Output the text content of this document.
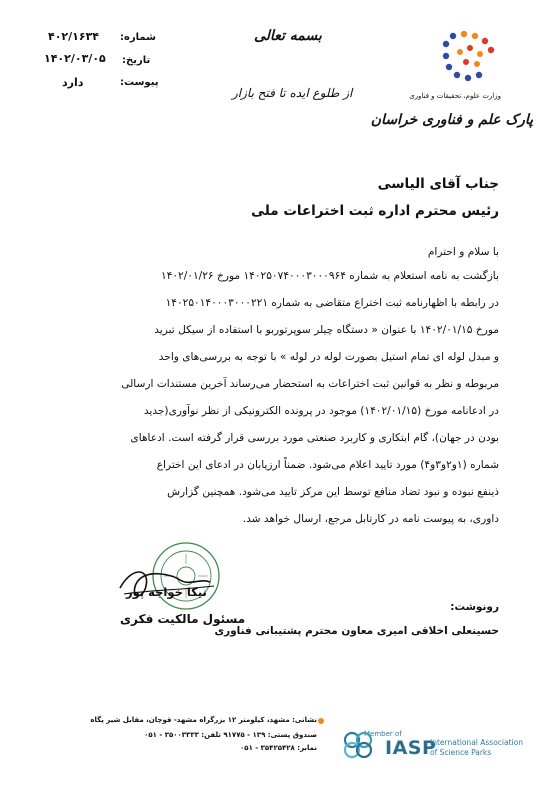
شماره:
۴۰۲/۱۶۳۴
تاریخ:
۱۴۰۲/۰۳/۰۵
پیوست:
دارد
بسمه تعالی
از طلوع ایده تا فتح بازار	وزارت علوم، تحقیقات و فناوری
پارک علم و فناوری خراسان
جناب آقای الیاسی
رئیس محترم اداره ثبت اختراعات ملی
با سلام و احترام
بازگشت به نامه استعلام به شماره ۱۴۰۲۵۰۷۴۰۰۰۳۰۰۰۹۶۴ مورخ ۱۴۰۲/۰۱/۲۶
در رابطه با اظهارنامه ثبت اختراع متقاضی به شماره ۱۴۰۲۵۰۱۴۰۰۰۳۰۰۰۲۲۱
مورخ ۱۴۰۲/۰۱/۱۵ با عنوان « دستگاه چیلر سوپرتوربو با استفاده از سیکل تبرید
و مبدل لوله ای تمام استیل بصورت لوله در لوله » با توجه به بررسی‌های واحد
مربوطه و نظر به قوانین ثبت اختراعات به استحضار می‌رساند آخرین مستندات ارسالی
در ادعانامه مورخ (۱۴۰۲/۰۱/۱۵) موجود در پرونده الکترونیکی از نظر نوآوری(جدید
بودن در جهان)، گام ابتکاری و کاربرد صنعتی مورد بررسی قرار گرفته است. ادعاهای
شماره (۱و۲و۳و۴) مورد تایید اعلام می‌شود. ضمناً ارزیابان در ادعای این اختراع
ذینفع نبوده و نبود تضاد منافع توسط این مرکز تایید می‌شود. همچنین گزارش
داوری، به پیوست نامه در کارتابل مرجع، ارسال خواهد شد.
نیکا خواجه پور
مسئول مالکیت فکری
رونوشت:
حسینعلی اخلاقی امیری معاون محترم پشتیبانی فناوری
نشانی: مشهد، کیلومتر ۱۲ بزرگراه مشهد- قوچان، مقابل شیر پگاه
صندوق پستی: ۱۳۹ - ۹۱۷۷۵ تلفن: ۳۵۰۰۳۳۳۳ - ۰۵۱
نمابر: ۳۵۴۲۵۴۲۸ - ۰۵۱
Member of
IASP
International Association
of Science Parks
